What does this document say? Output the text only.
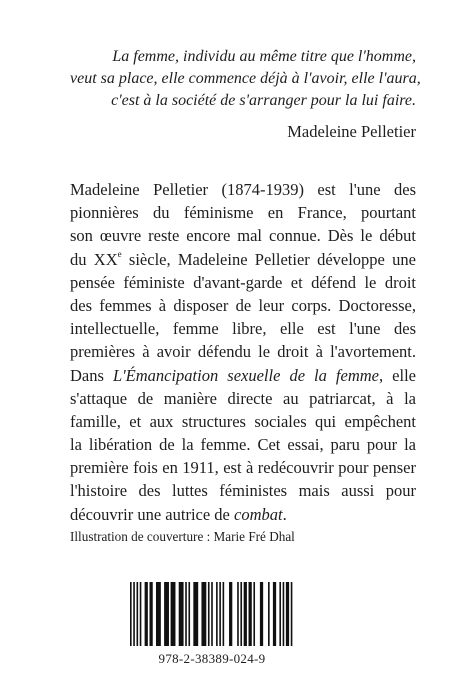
La femme, individu au même titre que l'homme,
veut sa place, elle commence déjà à l'avoir, elle l'aura,
c'est à la société de s'arranger pour la lui faire.
Madeleine Pelletier
Madeleine Pelletier (1874-1939) est l'une des
pionnières du féminisme en France, pourtant
son œuvre reste encore mal connue. Dès le début
du XXe siècle, Madeleine Pelletier développe une
pensée féministe d'avant-garde et défend le droit
des femmes à disposer de leur corps. Doctoresse,
intellectuelle, femme libre, elle est l'une des
premières à avoir défendu le droit à l'avortement.
Dans L'Émancipation sexuelle de la femme, elle
s'attaque de manière directe au patriarcat, à la
famille, et aux structures sociales qui empêchent
la libération de la femme. Cet essai, paru pour la
première fois en 1911, est à redécouvrir pour penser
l'histoire des luttes féministes mais aussi pour
découvrir une autrice de combat.
Illustration de couverture : Marie Fré Dhal
978-2-38389-024-9
